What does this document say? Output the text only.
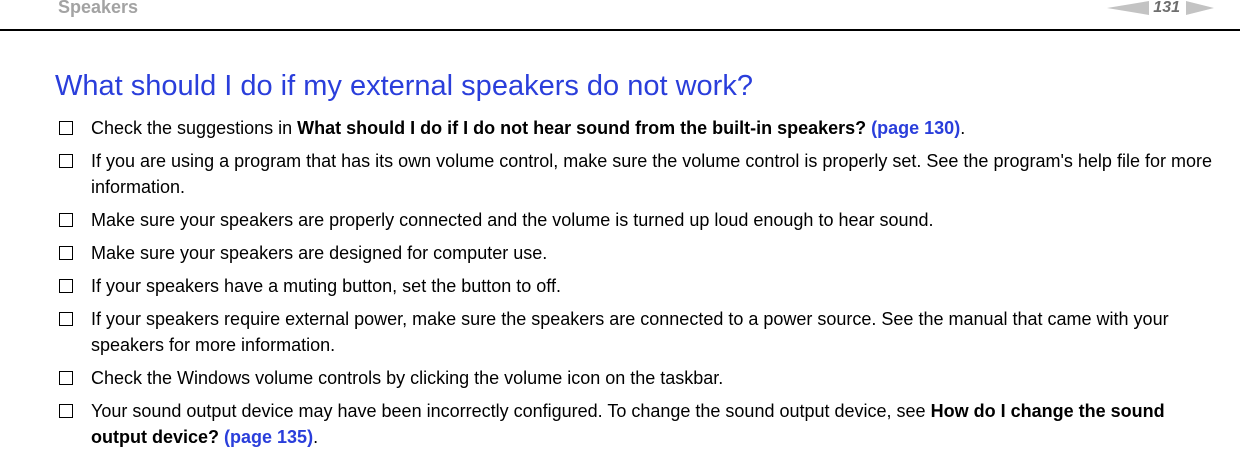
Speakers	131
What should I do if my external speakers do not work?
Check the suggestions in What should I do if I do not hear sound from the built-in speakers? (page 130).
If you are using a program that has its own volume control, make sure the volume control is properly set. See the program's help file for more information.
Make sure your speakers are properly connected and the volume is turned up loud enough to hear sound.
Make sure your speakers are designed for computer use.
If your speakers have a muting button, set the button to off.
If your speakers require external power, make sure the speakers are connected to a power source. See the manual that came with your speakers for more information.
Check the Windows volume controls by clicking the volume icon on the taskbar.
Your sound output device may have been incorrectly configured. To change the sound output device, see How do I change the sound output device? (page 135).
